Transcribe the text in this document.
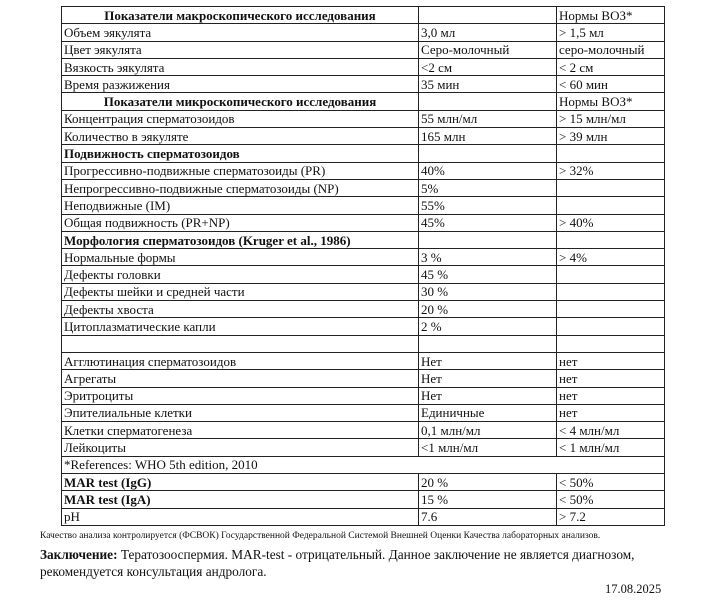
Показатели макроскопического исследования		Нормы ВОЗ*
Объем эякулята	3,0 мл	> 1,5 мл
Цвет эякулята	Серо-молочный	серо-молочный
Вязкость эякулята	<2 см	< 2 см
Время разжижения	35 мин	< 60 мин
Показатели микроскопического исследования		Нормы ВОЗ*
Концентрация сперматозоидов	55 млн/мл	> 15 млн/мл
Количество в эякуляте	165 млн	> 39 млн
Подвижность сперматозоидов		
Прогрессивно-подвижные сперматозоиды (PR)	40%	> 32%
Непрогрессивно-подвижные сперматозоиды (NP)	5%	
Неподвижные (IM)	55%	
Общая подвижность (PR+NP)	45%	> 40%
Морфология сперматозоидов (Kruger et al., 1986)		
Нормальные формы	3 %	> 4%
Дефекты головки	45 %	
Дефекты шейки и средней части	30 %	
Дефекты хвоста	20 %	
Цитоплазматические капли	2 %	

Агглютинация сперматозоидов	Нет	нет
Агрегаты	Нет	нет
Эритроциты	Нет	нет
Эпителиальные клетки	Единичные	нет
Клетки сперматогенеза	0,1 млн/мл	< 4 млн/мл
Лейкоциты	<1 млн/мл	< 1 млн/мл
*References: WHO 5th edition, 2010		
MAR test (IgG)	20 %	< 50%
MAR test (IgA)	15 %	< 50%
pH	7.6	> 7.2
Качество анализа контролируется (ФСВОК) Государственной Федеральной Системой Внешней Оценки Качества лабораторных анализов.
Заключение: Тератозооспермия. MAR-test - отрицательный. Данное заключение не является диагнозом, рекомендуется консультация андролога.
17.08.2025
